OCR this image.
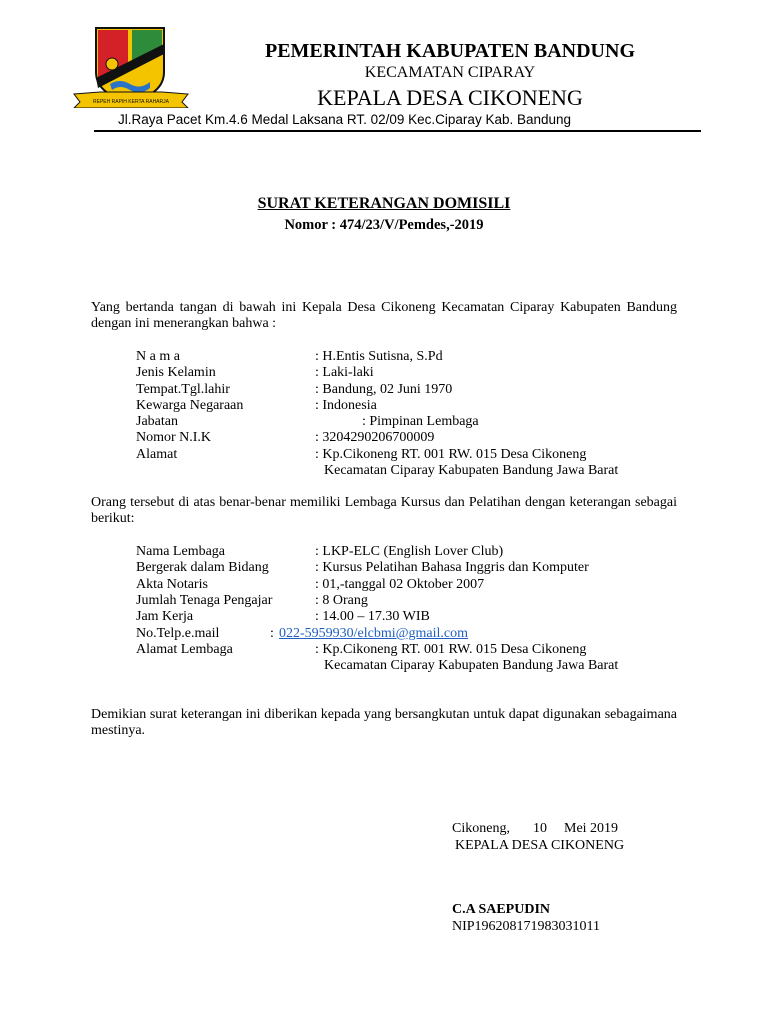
REPEH RAPIH KERTA RAHARJA
PEMERINTAH KABUPATEN BANDUNG
KECAMATAN CIPARAY
KEPALA DESA CIKONENG
Jl.Raya Pacet Km.4.6 Medal Laksana RT. 02/09 Kec.Ciparay Kab. Bandung
SURAT KETERANGAN DOMISILI
Nomor : 474/23/V/Pemdes,-2019
Yang bertanda tangan di bawah ini Kepala Desa Cikoneng Kecamatan Ciparay Kabupaten Bandung dengan ini menerangkan bahwa :
N a m a	: H.Entis Sutisna, S.Pd
Jenis Kelamin	: Laki-laki
Tempat.Tgl.lahir	: Bandung, 02 Juni 1970
Kewarga Negaraan	: Indonesia
Jabatan	: Pimpinan Lembaga
Nomor N.I.K	: 3204290206700009
Alamat	: Kp.Cikoneng RT. 001 RW. 015 Desa Cikoneng
Kecamatan Ciparay Kabupaten Bandung Jawa Barat
Orang tersebut di atas benar-benar memiliki Lembaga Kursus dan Pelatihan dengan keterangan sebagai berikut:
Nama Lembaga	: LKP-ELC (English Lover Club)
Bergerak dalam Bidang	: Kursus Pelatihan Bahasa Inggris dan Komputer
Akta Notaris	: 01,-tanggal 02 Oktober 2007
Jumlah Tenaga Pengajar	: 8 Orang
Jam Kerja	: 14.00 – 17.30 WIB
No.Telp.e.mail	: 022-5959930/elcbmi@gmail.com
Alamat Lembaga	: Kp.Cikoneng RT. 001 RW. 015 Desa Cikoneng
Kecamatan Ciparay Kabupaten Bandung Jawa Barat
Demikian surat keterangan ini diberikan kepada yang bersangkutan untuk dapat digunakan sebagaimana mestinya.
Cikoneng, 10 Mei 2019
KEPALA DESA CIKONENG
C.A SAEPUDIN
NIP196208171983031011
